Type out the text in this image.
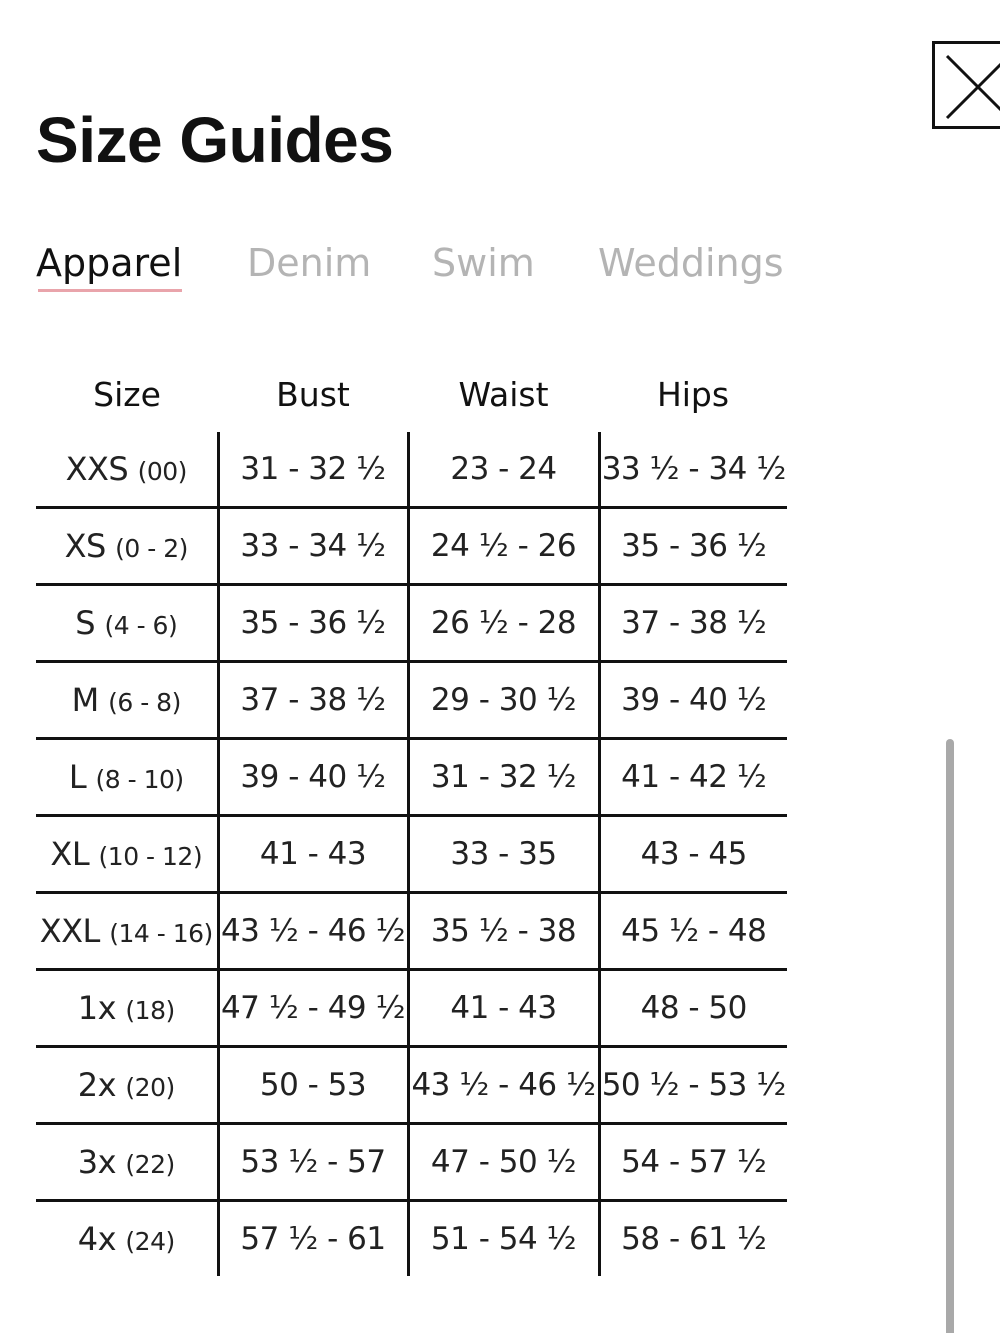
Size Guides
Apparel Denim Swim Weddings
Size	Bust	Waist	Hips
XXS (00)	31 - 32 ½	23 - 24	33 ½ - 34 ½
XS (0 - 2)	33 - 34 ½	24 ½ - 26	35 - 36 ½
S (4 - 6)	35 - 36 ½	26 ½ - 28	37 - 38 ½
M (6 - 8)	37 - 38 ½	29 - 30 ½	39 - 40 ½
L (8 - 10)	39 - 40 ½	31 - 32 ½	41 - 42 ½
XL (10 - 12)	41 - 43	33 - 35	43 - 45
XXL (14 - 16)	43 ½ - 46 ½	35 ½ - 38	45 ½ - 48
1x (18)	47 ½ - 49 ½	41 - 43	48 - 50
2x (20)	50 - 53	43 ½ - 46 ½	50 ½ - 53 ½
3x (22)	53 ½ - 57	47 - 50 ½	54 - 57 ½
4x (24)	57 ½ - 61	51 - 54 ½	58 - 61 ½
